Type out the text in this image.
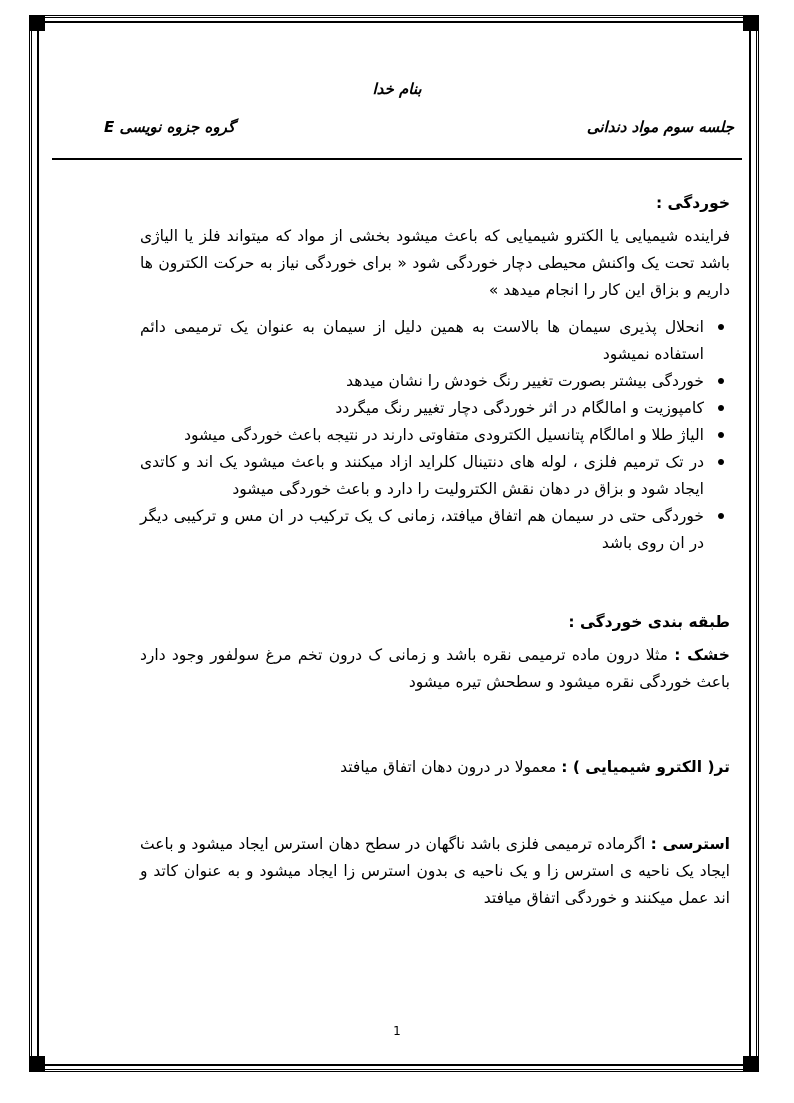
بنام خدا
جلسه سوم مواد دندانی
گروه جزوه نویسی E
خوردگی :

فراینده شیمیایی یا الکترو شیمیایی که باعث میشود بخشی از مواد که میتواند فلز یا الیاژی باشد تحت یک واکنش محیطی دچار خوردگی شود « برای خوردگی نیاز به حرکت الکترون ها داریم و بزاق این کار را انجام میدهد »

انحلال پذیری سیمان ها بالاست به همین دلیل از سیمان به عنوان یک ترمیمی دائم استفاده نمیشود
خوردگی بیشتر بصورت تغییر رنگ خودش را نشان میدهد
کامپوزیت و امالگام در اثر خوردگی دچار تغییر رنگ میگردد
الیاژ طلا و امالگام پتانسیل الکترودی متفاوتی دارند در نتیجه باعث خوردگی میشود
در تک ترمیم فلزی ، لوله های دنتینال کلراید ازاد میکنند و باعث میشود یک اند و کاتدی ایجاد شود و بزاق در دهان نقش الکترولیت را دارد و باعث خوردگی میشود
خوردگی حتی در سیمان هم اتفاق میافتد، زمانی ک یک ترکیب در ان مس و ترکیبی دیگر در ان روی باشد
طبقه بندی خوردگی :

خشک : مثلا درون ماده ترمیمی نقره باشد و زمانی ک درون تخم مرغ سولفور وجود دارد باعث خوردگی نقره میشود و سطحش تیره میشود

تر( الکترو شیمیایی ) : معمولا در درون دهان اتفاق میافتد

استرسی : اگرماده ترمیمی فلزی باشد ناگهان در سطح دهان استرس ایجاد میشود و باعث ایجاد یک ناحیه ی استرس زا و یک ناحیه ی بدون استرس زا ایجاد میشود و به عنوان کاتد و اند عمل میکنند و خوردگی اتفاق میافتد

1
